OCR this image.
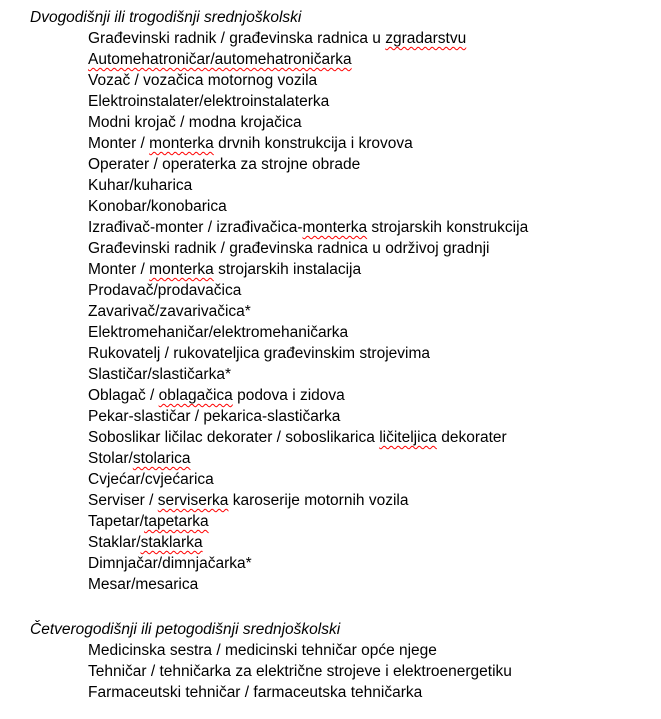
Dvogodišnji ili trogodišnji srednjoškolski
Građevinski radnik / građevinska radnica u zgradarstvu
Automehatroničar/automehatroničarka
Vozač / vozačica motornog vozila
Elektroinstalater/elektroinstalaterka
Modni krojač / modna krojačica
Monter / monterka drvnih konstrukcija i krovova
Operater / operaterka za strojne obrade
Kuhar/kuharica
Konobar/konobarica
Izrađivač-monter / izrađivačica-monterka strojarskih konstrukcija
Građevinski radnik / građevinska radnica u održivoj gradnji
Monter / monterka strojarskih instalacija
Prodavač/prodavačica
Zavarivač/zavarivačica*
Elektromehaničar/elektromehaničarka
Rukovatelj / rukovateljica građevinskim strojevima
Slastičar/slastičarka*
Oblagač / oblagačica podova i zidova
Pekar-slastičar / pekarica-slastičarka
Soboslikar ličilac dekorater / soboslikarica ličiteljica dekorater
Stolar/stolarica
Cvjećar/cvjećarica
Serviser / serviserka karoserije motornih vozila
Tapetar/tapetarka
Staklar/staklarka
Dimnjačar/dimnjačarka*
Mesar/mesarica
Četverogodišnji ili petogodišnji srednjoškolski
Medicinska sestra / medicinski tehničar opće njege
Tehničar / tehničarka za električne strojeve i elektroenergetiku
Farmaceutski tehničar / farmaceutska tehničarka
